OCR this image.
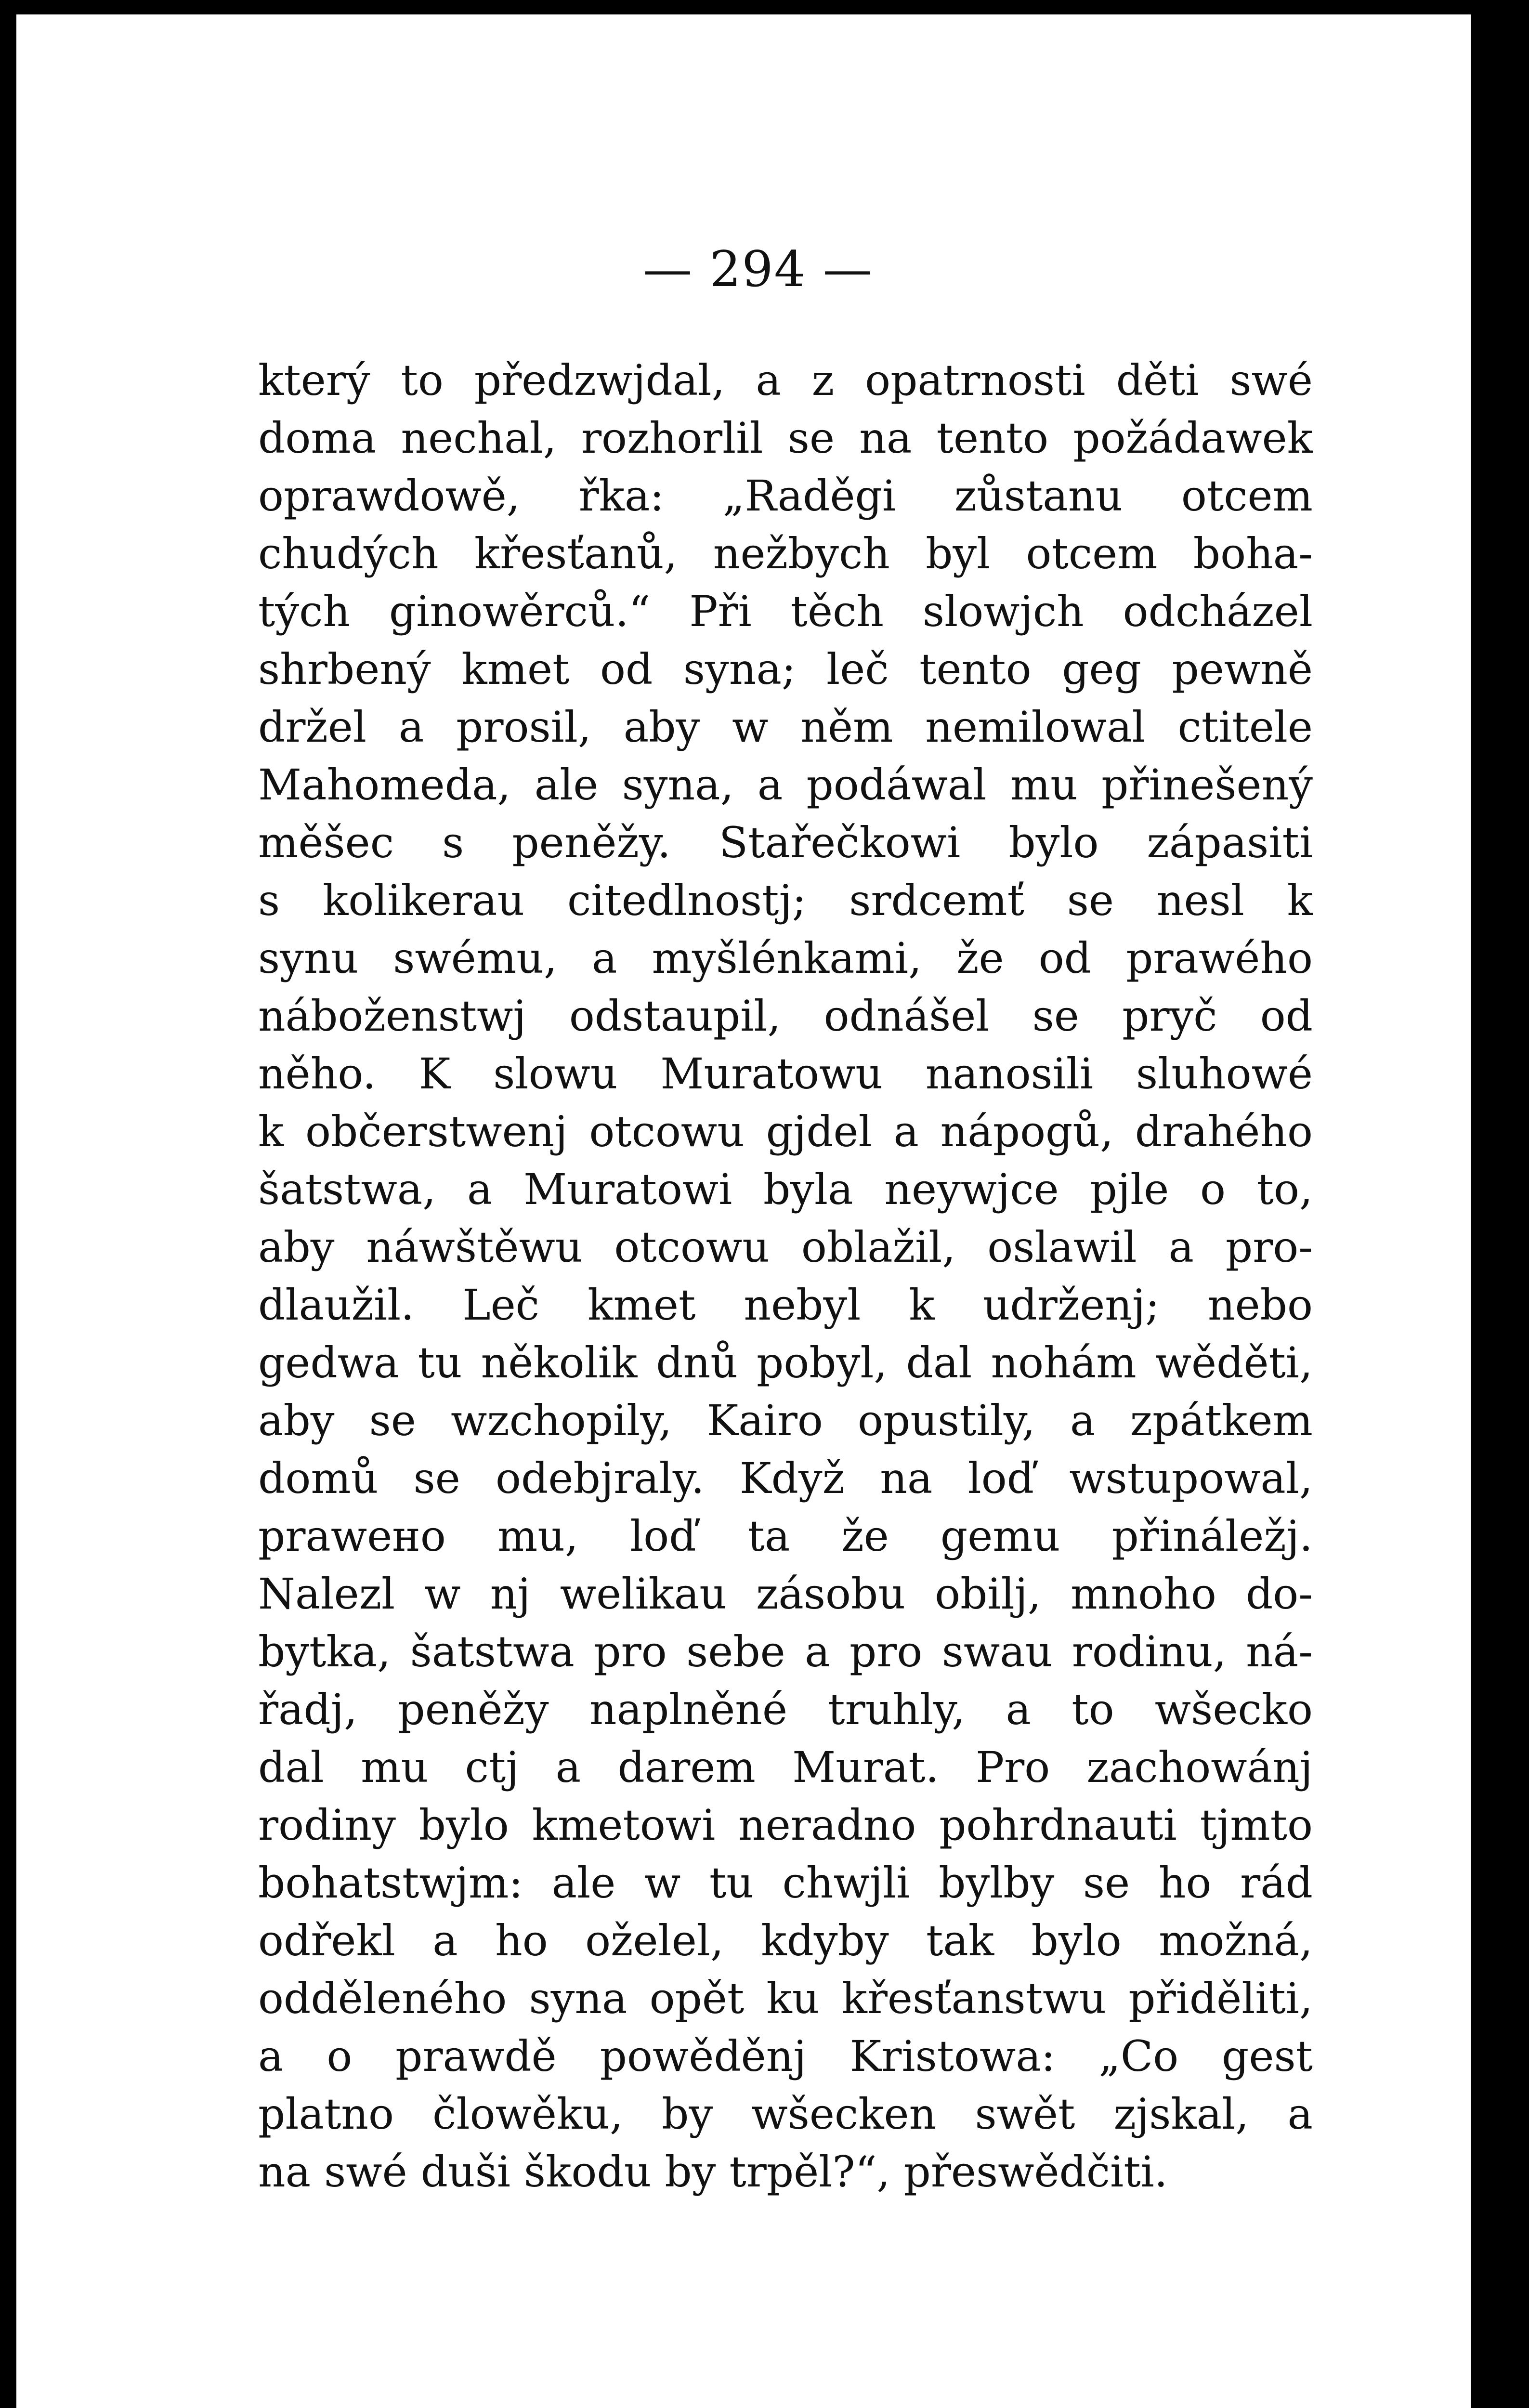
— 294 —
který to předzwjdal, a z opatrnosti děti swé
doma nechal, rozhorlil se na tento požádawek
oprawdowě, řka: „Raděgi zůstanu otcem
chudých křesťanů, nežbych byl otcem boha-
tých ginowěrců.“ Při těch slowjch odcházel
shrbený kmet od syna; leč tento geg pewně
držel a prosil, aby w něm nemilowal ctitele
Mahomeda, ale syna, a podáwal mu přinešený
měšec s peněžy. Stařečkowi bylo zápasiti
s kolikerau citedlnostj; srdcemť se nesl k
synu swému, a myšlénkami, že od prawého
náboženstwj odstaupil, odnášel se pryč od
něho. K slowu Muratowu nanosili sluhowé
k občerstwenj otcowu gjdel a nápogů, drahého
šatstwa, a Muratowi byla neywjce pjle o to,
aby náwštěwu otcowu oblažil, oslawil a pro-
dlaužil. Leč kmet nebyl k udrženj; nebo
gedwa tu několik dnů pobyl, dal nohám wěděti,
aby se wzchopily, Kairo opustily, a zpátkem
domů se odebjraly. Když na loď wstupowal,
prawено mu, loď ta že gemu přináležj.
Nalezl w nj welikau zásobu obilj, mnoho do-
bytka, šatstwa pro sebe a pro swau rodinu, ná-
řadj, peněžy naplněné truhly, a to wšecko
dal mu ctj a darem Murat. Pro zachowánj
rodiny bylo kmetowi neradno pohrdnauti tjmto
bohatstwjm: ale w tu chwjli bylby se ho rád
odřekl a ho oželel, kdyby tak bylo možná,
odděleného syna opět ku křesťanstwu přiděliti,
a o prawdě powěděnj Kristowa: „Co gest
platno člowěku, by wšecken swět zjskal, a
na swé duši škodu by trpěl?“, přeswědčiti.
